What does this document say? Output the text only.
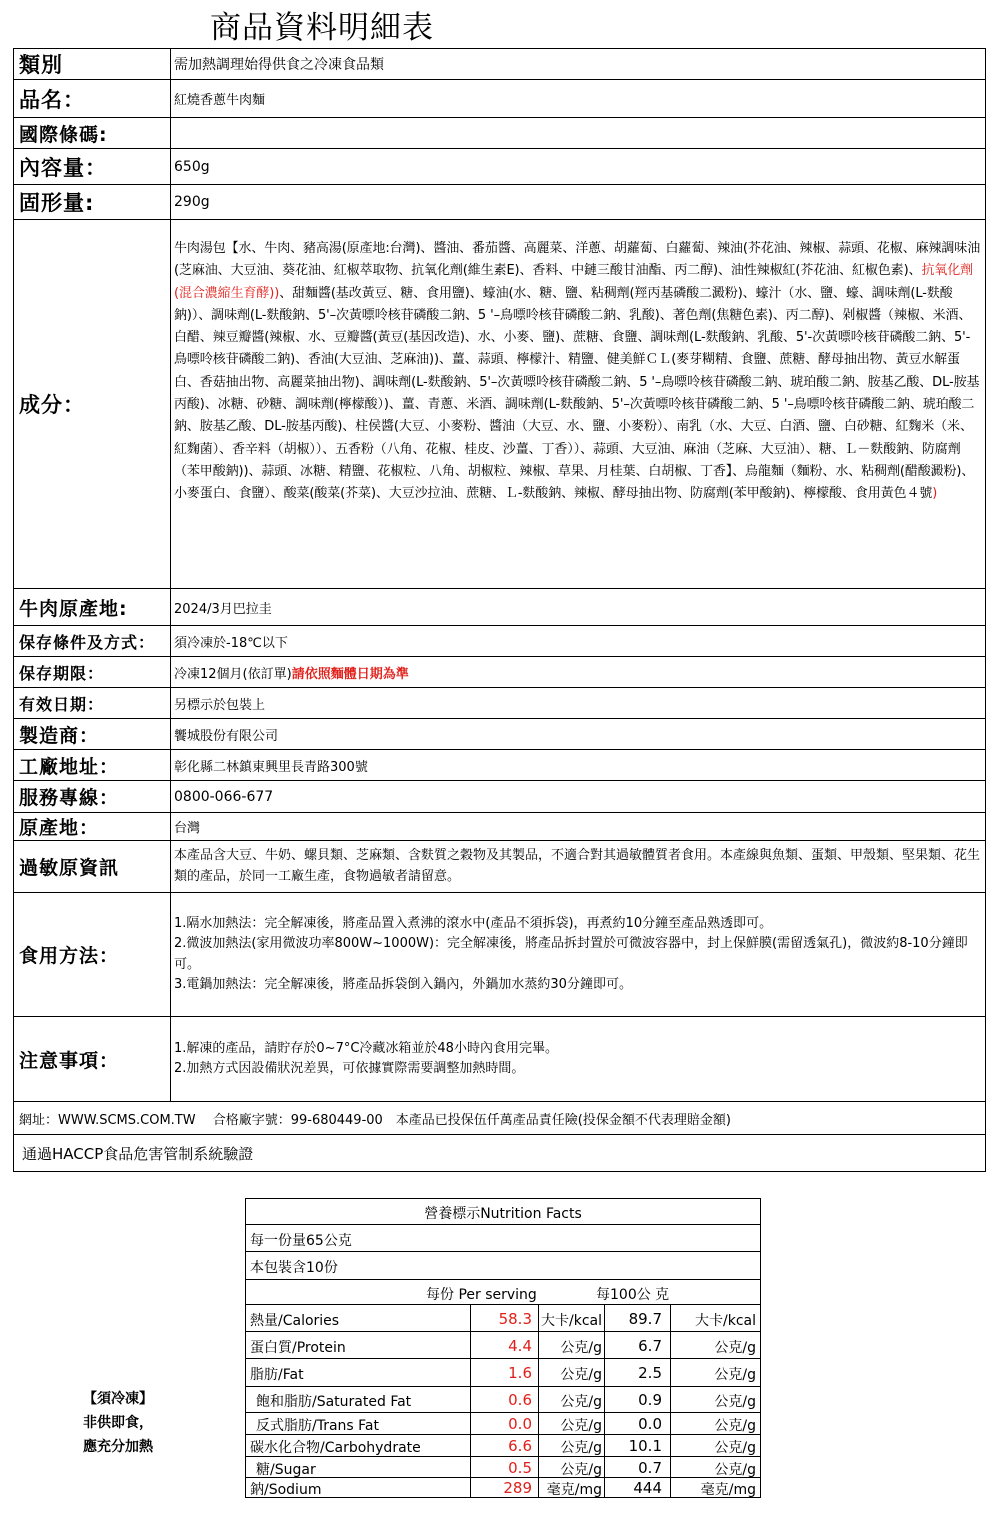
商品資料明細表
類別	需加熱調理始得供食之冷凍食品類
品名：	紅燒香蔥牛肉麵
國際條碼:	
內容量：	650g
固形量:	290g
成分：	牛肉湯包【水、牛肉、豬高湯(原產地:台灣)、醬油、番茄醬、高麗菜、洋蔥、胡蘿蔔、白蘿蔔、辣油(芥花油、辣椒、蒜頭、花椒、麻辣調味油(芝麻油、大豆油、葵花油、紅椒萃取物、抗氧化劑(維生素E)、香料、中鏈三酸甘油酯、丙二醇)、油性辣椒紅(芥花油、紅椒色素)、抗氧化劑(混合濃縮生育酵))、甜麵醬(基改黃豆、糖、食用鹽)、蠔油(水、糖、鹽、粘稠劑(羥丙基磷酸二澱粉)、蠔汁（水、鹽、蠔、調味劑(L-麩酸鈉)）、調味劑(L-麩酸鈉、5'–次黃嘌呤核苷磷酸二鈉、5 '–鳥嘌呤核苷磷酸二鈉、乳酸)、著色劑(焦糖色素)、丙二醇)、剁椒醬（辣椒、米酒、白醋、辣豆瓣醬(辣椒、水、豆瓣醬(黃豆(基因改造)、水、小麥、鹽)、蔗糖、食鹽、調味劑(L-麩酸鈉、乳酸、5'-次黃嘌呤核苷磷酸二鈉、5'-鳥嘌呤核苷磷酸二鈉)、香油(大豆油、芝麻油))、薑、蒜頭、檸檬汁、精鹽、健美鮮ＣＬ(麥芽糊精、食鹽、蔗糖、酵母抽出物、黃豆水解蛋白、香菇抽出物、高麗菜抽出物)、調味劑(L-麩酸鈉、5'–次黃嘌呤核苷磷酸二鈉、5 '–鳥嘌呤核苷磷酸二鈉、琥珀酸二鈉、胺基乙酸、DL-胺基丙酸)、冰糖、砂糖、調味劑(檸檬酸）)、薑、青蔥、米酒、調味劑(L-麩酸鈉、5'–次黃嘌呤核苷磷酸二鈉、5 '–鳥嘌呤核苷磷酸二鈉、琥珀酸二鈉、胺基乙酸、DL-胺基丙酸)、柱侯醬(大豆、小麥粉、醬油（大豆、水、鹽、小麥粉）、南乳（水、大豆、白酒、鹽、白砂糖、紅麴米（米、紅麴菌）、香辛料（胡椒））、五香粉（八角、花椒、桂皮、沙薑、丁香））、蒜頭、大豆油、麻油（芝麻、大豆油）、糖、Ｌ－麩酸鈉、防腐劑（苯甲酸鈉))、蒜頭、冰糖、精鹽、花椒粒、八角、胡椒粒、辣椒、草果、月桂葉、白胡椒、丁香】、烏龍麵（麵粉、水、粘稠劑(醋酸澱粉)、小麥蛋白、食鹽）、酸菜(酸菜(芥菜)、大豆沙拉油、蔗糖、Ｌ-麩酸鈉、辣椒、酵母抽出物、防腐劑(苯甲酸鈉)、檸檬酸、食用黃色４號)
牛肉原產地:	2024/3月巴拉圭
保存條件及方式：	須冷凍於-18℃以下
保存期限：	冷凍12個月(依訂單)請依照麵體日期為準
有效日期：	另標示於包裝上
製造商：	饗城股份有限公司
工廠地址：	彰化縣二林鎮東興里長青路300號
服務專線：	0800-066-677
原產地：	台灣
過敏原資訊	本產品含大豆、牛奶、螺貝類、芝麻類、含麩質之穀物及其製品，不適合對其過敏體質者食用。本產線與魚類、蛋類、甲殼類、堅果類、花生類的產品，於同一工廠生產，食物過敏者請留意。
食用方法：	1.隔水加熱法：完全解凍後，將產品置入煮沸的滾水中(產品不須拆袋)，再煮約10分鐘至產品熟透即可。
2.微波加熱法(家用微波功率800W~1000W)：完全解凍後，將產品拆封置於可微波容器中，封上保鮮膜(需留透氣孔)，微波約8-10分鐘即可。
3.電鍋加熱法：完全解凍後，將產品拆袋倒入鍋內，外鍋加水蒸約30分鐘即可。

注意事項：	1.解凍的產品，請貯存於0~7°C冷藏冰箱並於48小時內食用完畢。
2.加熱方式因設備狀況差異，可依據實際需要調整加熱時間。

網址：WWW.SCMS.COM.TW　 合格廠字號：99-680449-00　本產品已投保伍仟萬產品責任險(投保金額不代表理賠金額)	
通過HACCP食品危害管制系統驗證	
【須冷凍】
非供即食，
應充分加熱
營養標示Nutrition Facts
每一份量65公克
本包裝含10份
每份 Per serving	每100公 克
熱量/Calories	58.3 大卡/kcal	89.7	大卡/kcal
蛋白質/Protein	4.4	公克/g	6.7	公克/g
脂肪/Fat	1.6	公克/g	2.5	公克/g
飽和脂肪/Saturated Fat	0.6	公克/g	0.9	公克/g
反式脂肪/Trans Fat	0.0	公克/g	0.0	公克/g
碳水化合物/Carbohydrate	6.6	公克/g	10.1	公克/g
糖/Sugar	0.5	公克/g	0.7	公克/g
鈉/Sodium	289	毫克/mg	444	毫克/mg
